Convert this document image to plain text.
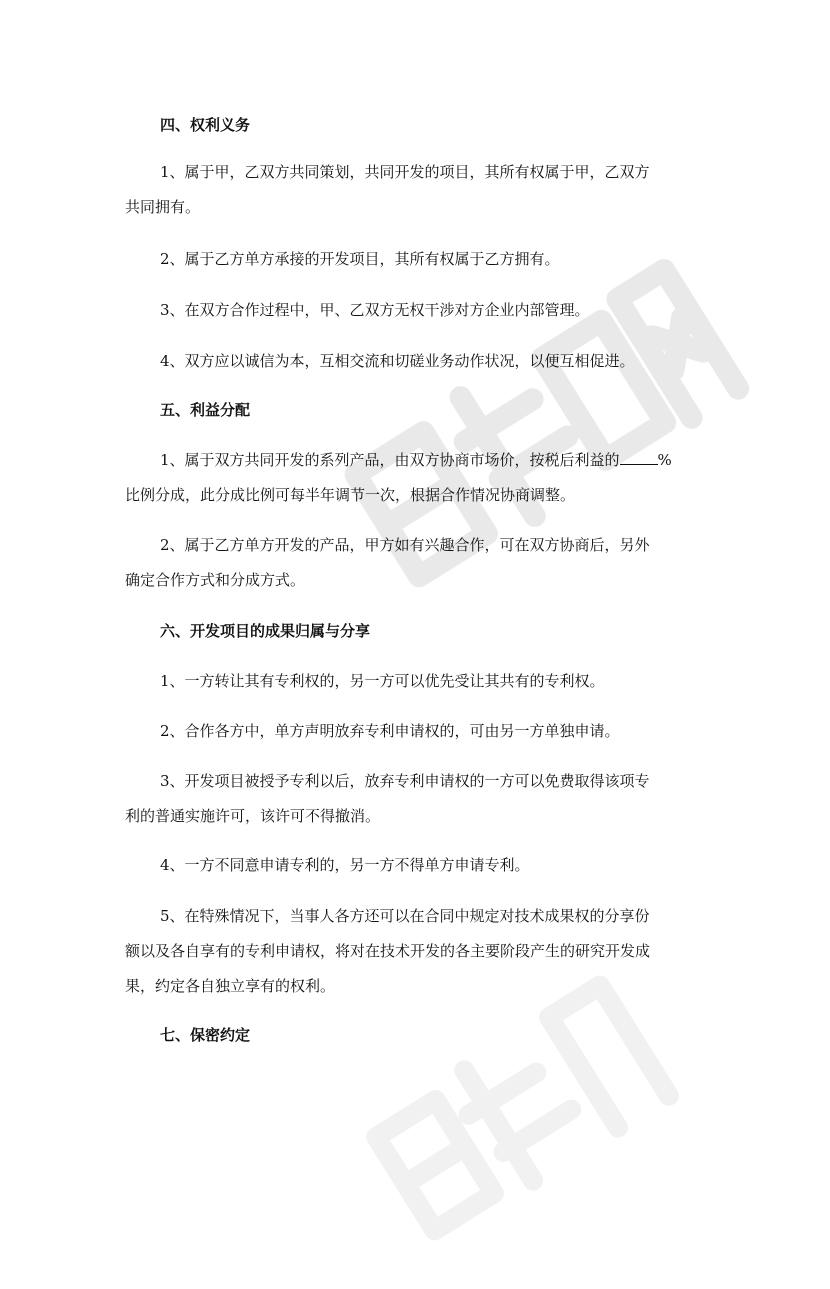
四、权利义务
1、属于甲，乙双方共同策划，共同开发的项目，其所有权属于甲，乙双方
共同拥有。
2、属于乙方单方承接的开发项目，其所有权属于乙方拥有。
3、在双方合作过程中，甲、乙双方无权干涉对方企业内部管理。
4、双方应以诚信为本，互相交流和切磋业务动作状况，以便互相促进。
五、利益分配
1、属于双方共同开发的系列产品，由双方协商市场价，按税后利益的	%
比例分成，此分成比例可每半年调节一次，根据合作情况协商调整。
2、属于乙方单方开发的产品，甲方如有兴趣合作，可在双方协商后，另外
确定合作方式和分成方式。
六、开发项目的成果归属与分享
1、一方转让其有专利权的，另一方可以优先受让其共有的专利权。
2、合作各方中，单方声明放弃专利申请权的，可由另一方单独申请。
3、开发项目被授予专利以后，放弃专利申请权的一方可以免费取得该项专
利的普通实施许可，该许可不得撤消。
4、一方不同意申请专利的，另一方不得单方申请专利。
5、在特殊情况下，当事人各方还可以在合同中规定对技术成果权的分享份
额以及各自享有的专利申请权，将对在技术开发的各主要阶段产生的研究开发成
果，约定各自独立享有的权利。
七、保密约定
